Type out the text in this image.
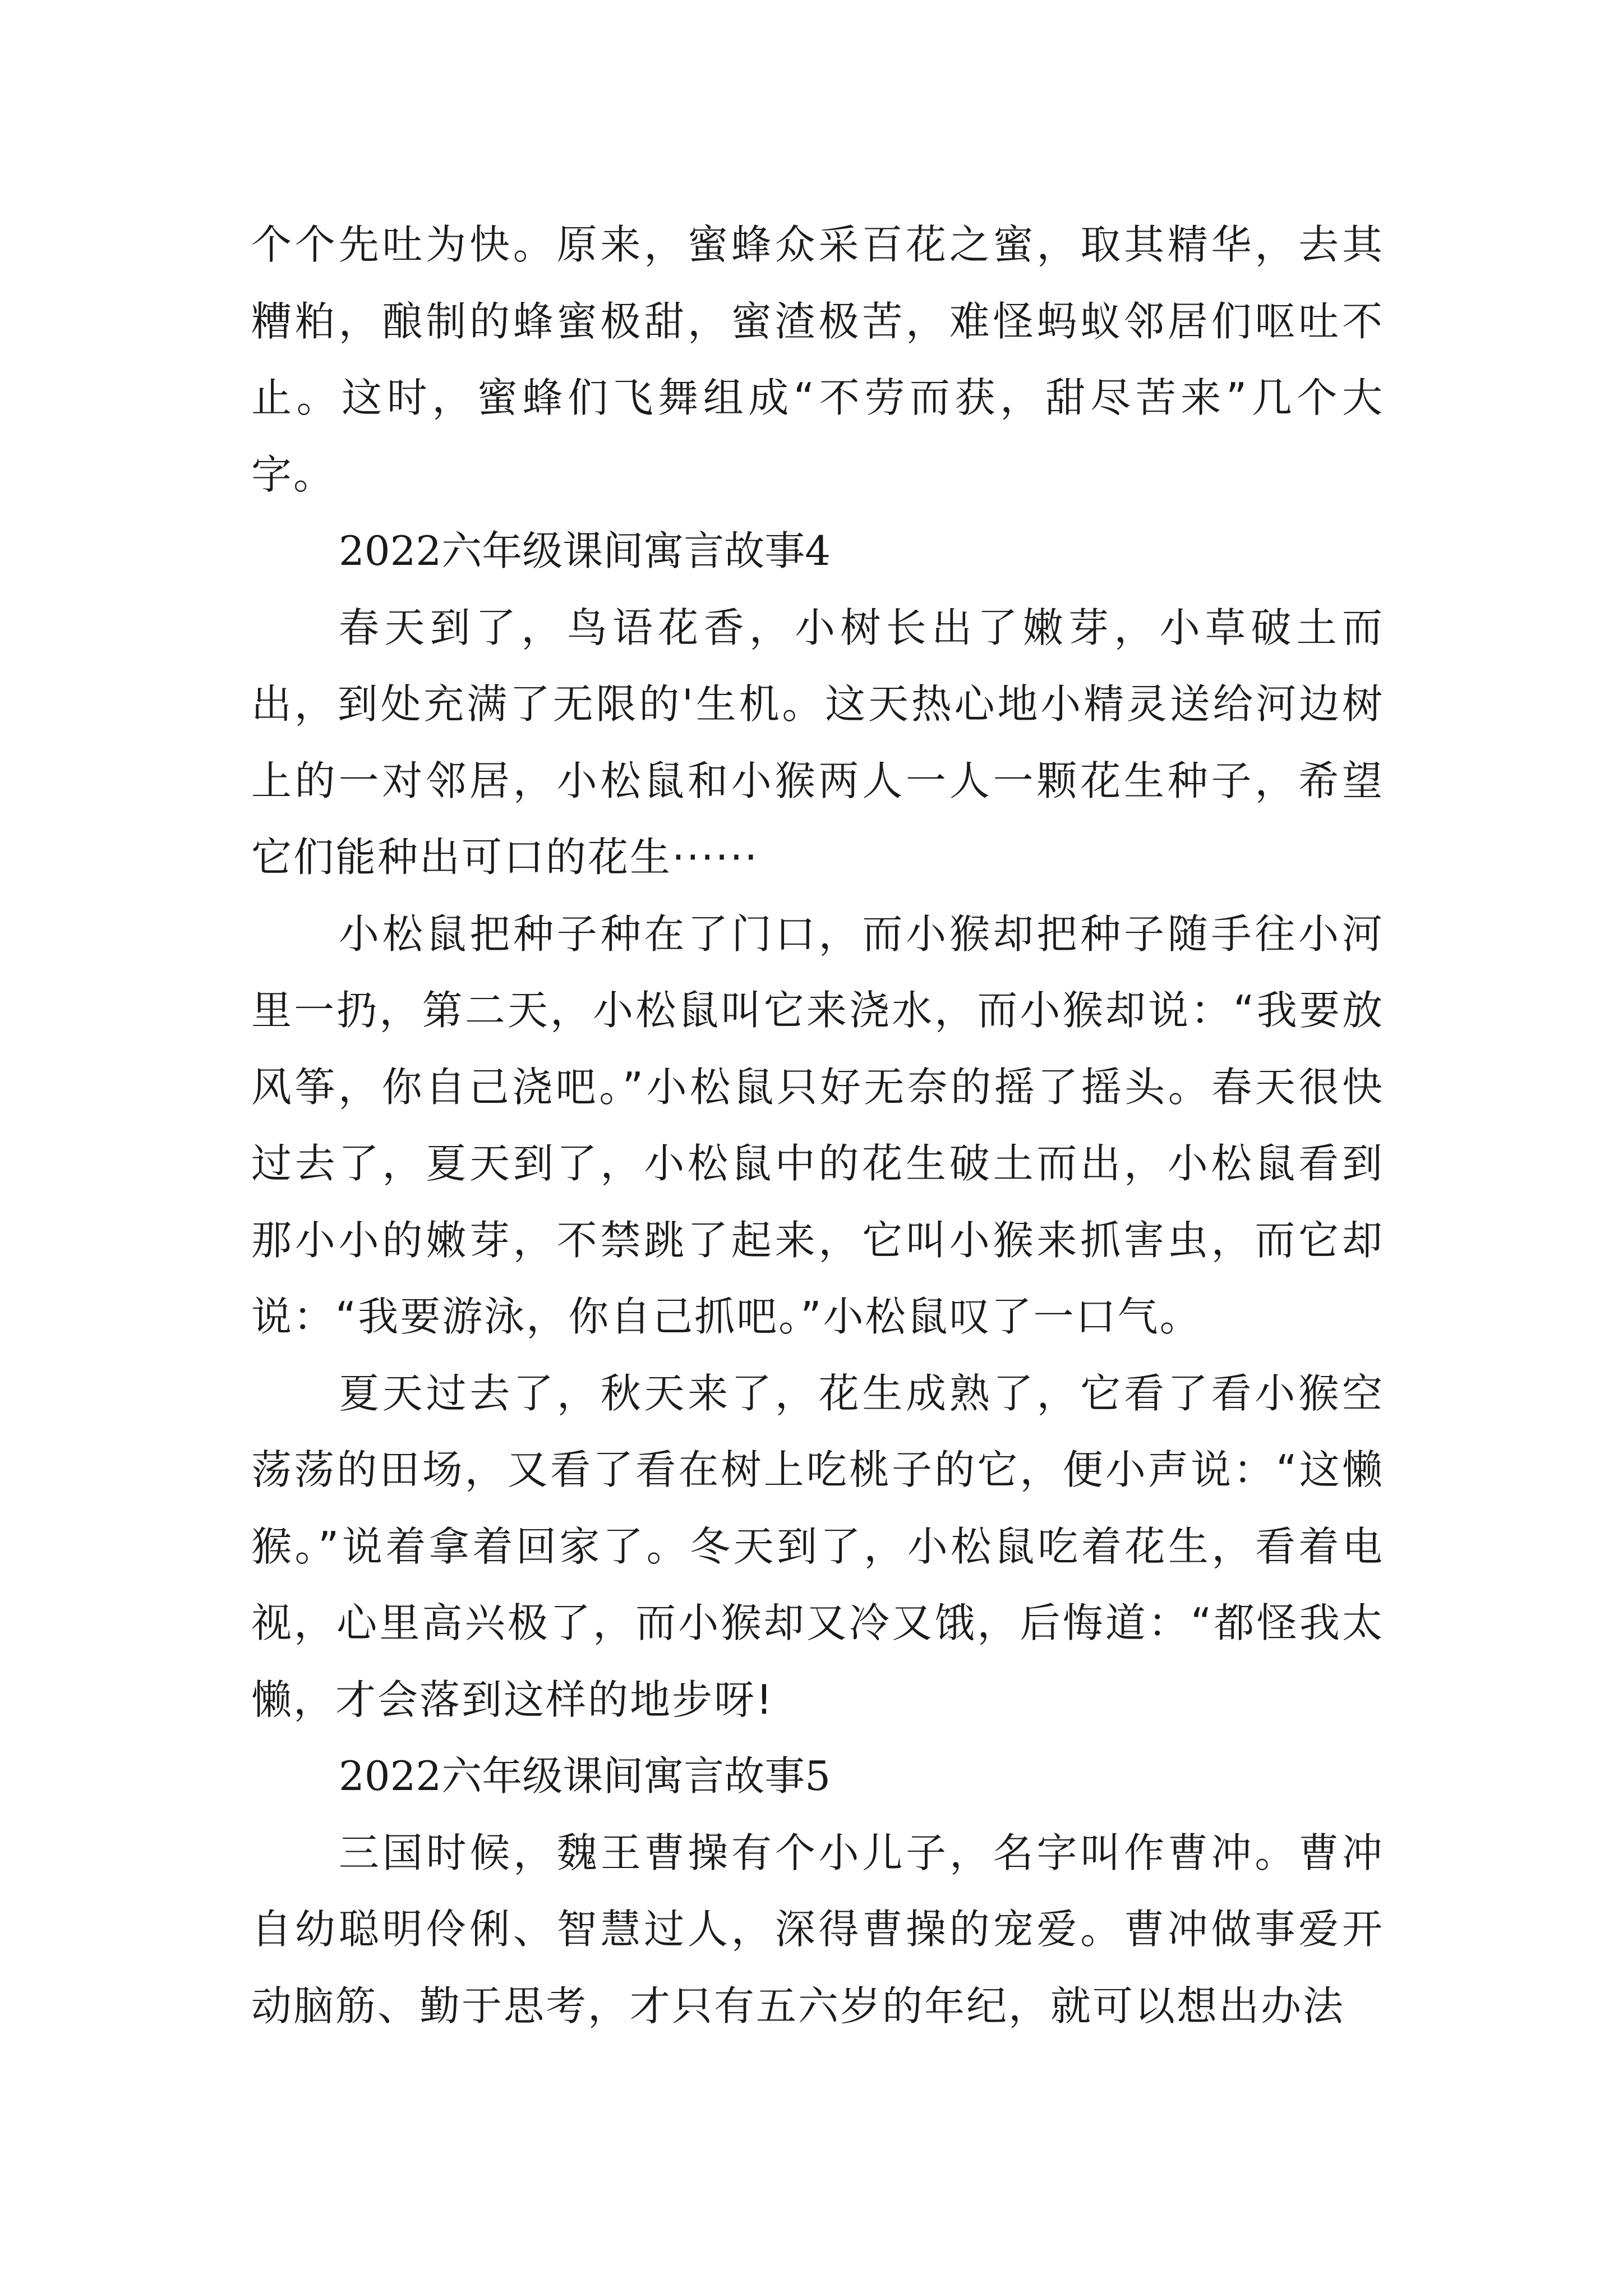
个个先吐为快。原来，蜜蜂众采百花之蜜，取其精华，去其糟粕，酿制的蜂蜜极甜，蜜渣极苦，难怪蚂蚁邻居们呕吐不止。这时，蜜蜂们飞舞组成“不劳而获，甜尽苦来”几个大字。

2022六年级课间寓言故事4

春天到了，鸟语花香，小树长出了嫩芽，小草破土而出，到处充满了无限的'生机。这天热心地小精灵送给河边树上的一对邻居，小松鼠和小猴两人一人一颗花生种子，希望它们能种出可口的花生······

小松鼠把种子种在了门口，而小猴却把种子随手往小河里一扔，第二天，小松鼠叫它来浇水，而小猴却说：“我要放风筝，你自己浇吧。”小松鼠只好无奈的摇了摇头。春天很快过去了，夏天到了，小松鼠中的花生破土而出，小松鼠看到那小小的嫩芽，不禁跳了起来，它叫小猴来抓害虫，而它却说：“我要游泳，你自己抓吧。”小松鼠叹了一口气。

夏天过去了，秋天来了，花生成熟了，它看了看小猴空荡荡的田场，又看了看在树上吃桃子的它，便小声说：“这懒猴。”说着拿着回家了。冬天到了，小松鼠吃着花生，看着电视，心里高兴极了，而小猴却又冷又饿，后悔道：“都怪我太懒，才会落到这样的地步呀!

2022六年级课间寓言故事5

三国时候，魏王曹操有个小儿子，名字叫作曹冲。曹冲自幼聪明伶俐、智慧过人，深得曹操的宠爱。曹冲做事爱开动脑筋、勤于思考，才只有五六岁的年纪，就可以想出办法
